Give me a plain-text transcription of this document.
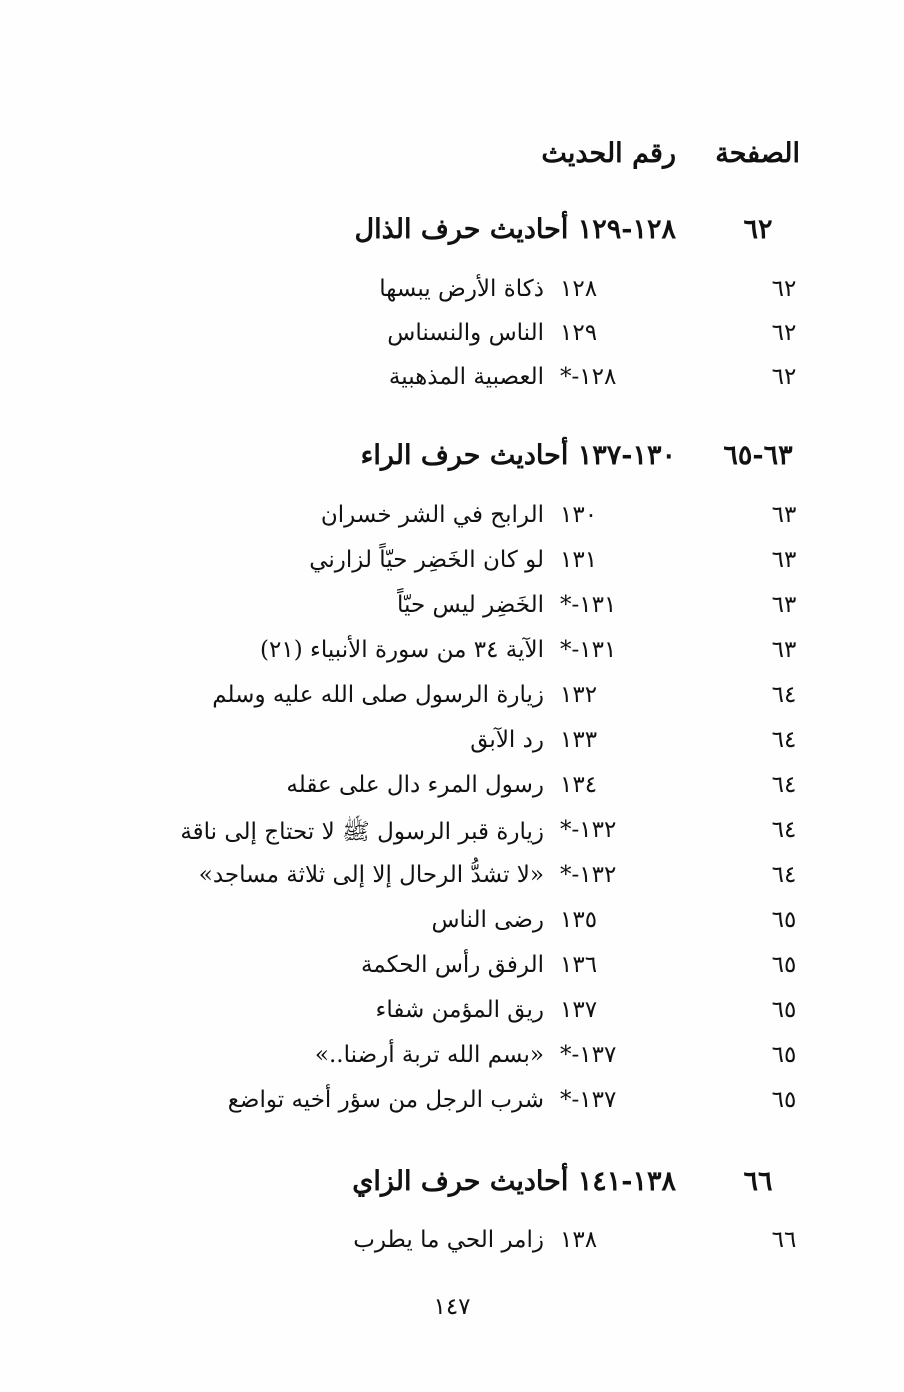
الصفحة
رقم الحديث
٦٢
١٢٨-١٢٩ أحاديث حرف الذال
٦٢
١٢٨
ذكاة الأرض يبسها
٦٢
١٢٩
الناس والنسناس
٦٢
*-١٢٨
العصبية المذهبية
٦٣-٦٥
١٣٠-١٣٧ أحاديث حرف الراء
٦٣
١٣٠
الرابح في الشر خسران
٦٣
١٣١
لو كان الخَضِر حيّاً لزارني
٦٣
*-١٣١
الخَضِر ليس حيّاً
٦٣
*-١٣١
الآية ٣٤ من سورة الأنبياء (٢١)
٦٤
١٣٢
زيارة الرسول صلى الله عليه وسلم
٦٤
١٣٣
رد الآبق
٦٤
١٣٤
رسول المرء دال على عقله
٦٤
*-١٣٢
زيارة قبر الرسول ﷺ لا تحتاج إلى ناقة
٦٤
*-١٣٢
«لا تشدُّ الرحال إلا إلى ثلاثة مساجد»
٦٥
١٣٥
رضى الناس
٦٥
١٣٦
الرفق رأس الحكمة
٦٥
١٣٧
ريق المؤمن شفاء
٦٥
*-١٣٧
«بسم الله تربة أرضنا..»
٦٥
*-١٣٧
شرب الرجل من سؤر أخيه تواضع
٦٦
١٣٨-١٤١ أحاديث حرف الزاي
٦٦
١٣٨
زامر الحي ما يطرب
١٤٧
